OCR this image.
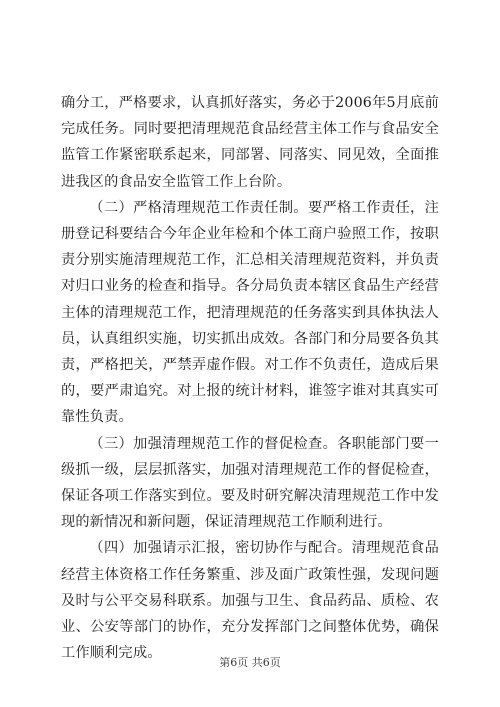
确分工，严格要求，认真抓好落实，务必于2006年5月底前完成任务。同时要把清理规范食品经营主体工作与食品安全监管工作紧密联系起来，同部署、同落实、同见效，全面推进我区的食品安全监管工作上台阶。

（二）严格清理规范工作责任制。要严格工作责任，注册登记科要结合今年企业年检和个体工商户验照工作，按职责分别实施清理规范工作，汇总相关清理规范资料，并负责对归口业务的检查和指导。各分局负责本辖区食品生产经营主体的清理规范工作，把清理规范的任务落实到具体执法人员，认真组织实施，切实抓出成效。各部门和分局要各负其责，严格把关，严禁弄虚作假。对工作不负责任，造成后果的，要严肃追究。对上报的统计材料，谁签字谁对其真实可靠性负责。

（三）加强清理规范工作的督促检查。各职能部门要一级抓一级，层层抓落实，加强对清理规范工作的督促检查，保证各项工作落实到位。要及时研究解决清理规范工作中发现的新情况和新问题，保证清理规范工作顺利进行。

（四）加强请示汇报，密切协作与配合。清理规范食品经营主体资格工作任务繁重、涉及面广政策性强，发现问题及时与公平交易科联系。加强与卫生、食品药品、质检、农业、公安等部门的协作，充分发挥部门之间整体优势，确保工作顺利完成。

第6页 共6页
